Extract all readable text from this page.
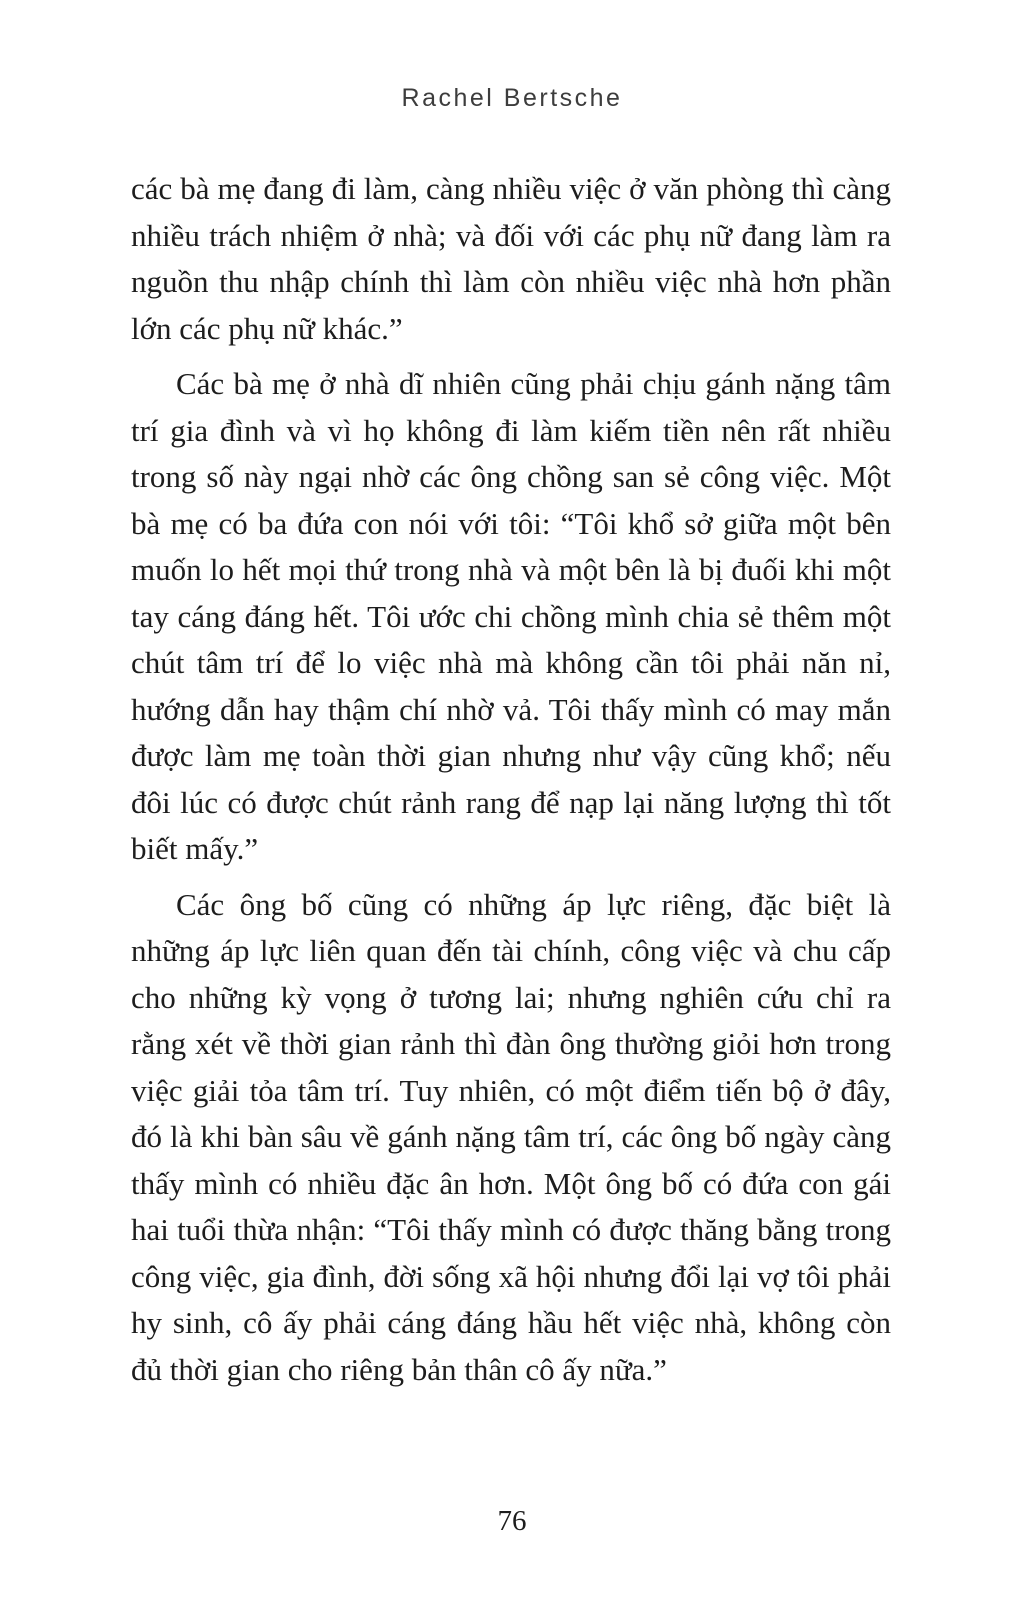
Rachel Bertsche

các bà mẹ đang đi làm, càng nhiều việc ở văn phòng thì càng nhiều trách nhiệm ở nhà; và đối với các phụ nữ đang làm ra nguồn thu nhập chính thì làm còn nhiều việc nhà hơn phần lớn các phụ nữ khác.”

Các bà mẹ ở nhà dĩ nhiên cũng phải chịu gánh nặng tâm trí gia đình và vì họ không đi làm kiếm tiền nên rất nhiều trong số này ngại nhờ các ông chồng san sẻ công việc. Một bà mẹ có ba đứa con nói với tôi: “Tôi khổ sở giữa một bên muốn lo hết mọi thứ trong nhà và một bên là bị đuối khi một tay cáng đáng hết. Tôi ước chi chồng mình chia sẻ thêm một chút tâm trí để lo việc nhà mà không cần tôi phải năn nỉ, hướng dẫn hay thậm chí nhờ vả. Tôi thấy mình có may mắn được làm mẹ toàn thời gian nhưng như vậy cũng khổ; nếu đôi lúc có được chút rảnh rang để nạp lại năng lượng thì tốt biết mấy.”

Các ông bố cũng có những áp lực riêng, đặc biệt là những áp lực liên quan đến tài chính, công việc và chu cấp cho những kỳ vọng ở tương lai; nhưng nghiên cứu chỉ ra rằng xét về thời gian rảnh thì đàn ông thường giỏi hơn trong việc giải tỏa tâm trí. Tuy nhiên, có một điểm tiến bộ ở đây, đó là khi bàn sâu về gánh nặng tâm trí, các ông bố ngày càng thấy mình có nhiều đặc ân hơn. Một ông bố có đứa con gái hai tuổi thừa nhận: “Tôi thấy mình có được thăng bằng trong công việc, gia đình, đời sống xã hội nhưng đổi lại vợ tôi phải hy sinh, cô ấy phải cáng đáng hầu hết việc nhà, không còn đủ thời gian cho riêng bản thân cô ấy nữa.”

76
